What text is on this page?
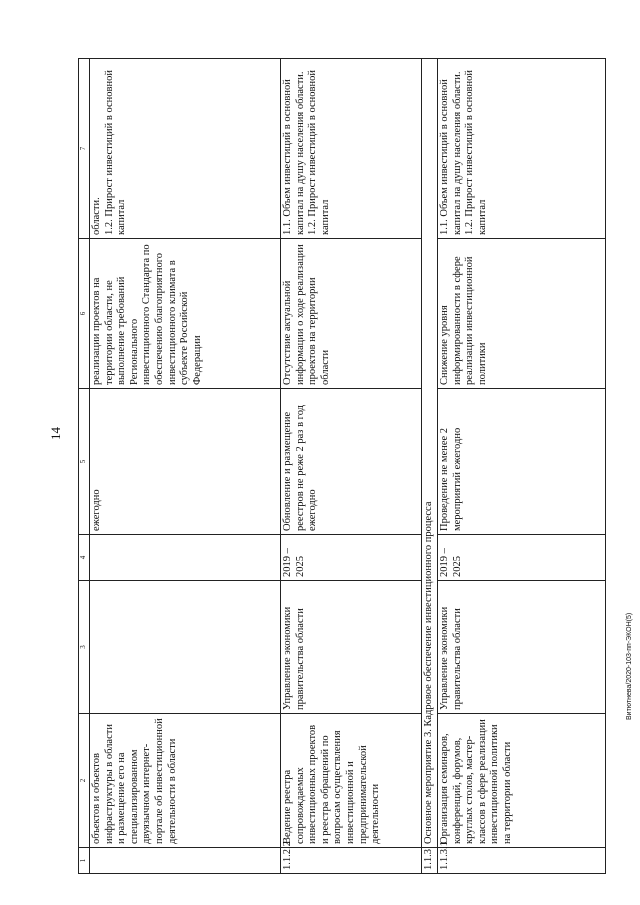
14
1	2	3	4	5	6	7
	объектов и объектов инфраструктуры в области и размещение его на специализированном двуязычном интернет-портале об инвестиционной деятельности в области			ежегодно	реализации проектов на территории области, не выполнение требований Регионального инвестиционного Стандарта по обеспечению благоприятного инвестиционного климата в субъекте Российской Федерации	области.
1.2. Прирост инвестиций в основной капитал
1.1.2.2	Ведение реестра сопровождаемых инвестиционных проектов и реестра обращений по вопросам осуществления инвестиционной и предпринимательской деятельности	Управление экономики правительства области	2019 – 2025	Обновление и размещение реестров не реже 2 раз в год ежегодно	Отсутствие актуальной информации о ходе реализации проектов на территории области	1.1. Объем инвестиций в основной капитал на душу населения области.
1.2. Прирост инвестиций в основной капитал
1.1.3	Основное мероприятие 3. Кадровое обеспечение инвестиционного процесса					
1.1.3.1	Организация семинаров, конференций, форумов, круглых столов, мастер-классов в сфере реализации инвестиционной политики на территории области	Управление экономики правительства области	2019 – 2025	Проведение не менее 2 мероприятий ежегодно	Снижение уровня информированности в сфере реализации инвестиционной политики	1.1. Объем инвестиций в основной капитал на душу населения области.
1.2. Прирост инвестиций в основной капитал
Витютнева/2020-103-пп-ЭКОН(5)
